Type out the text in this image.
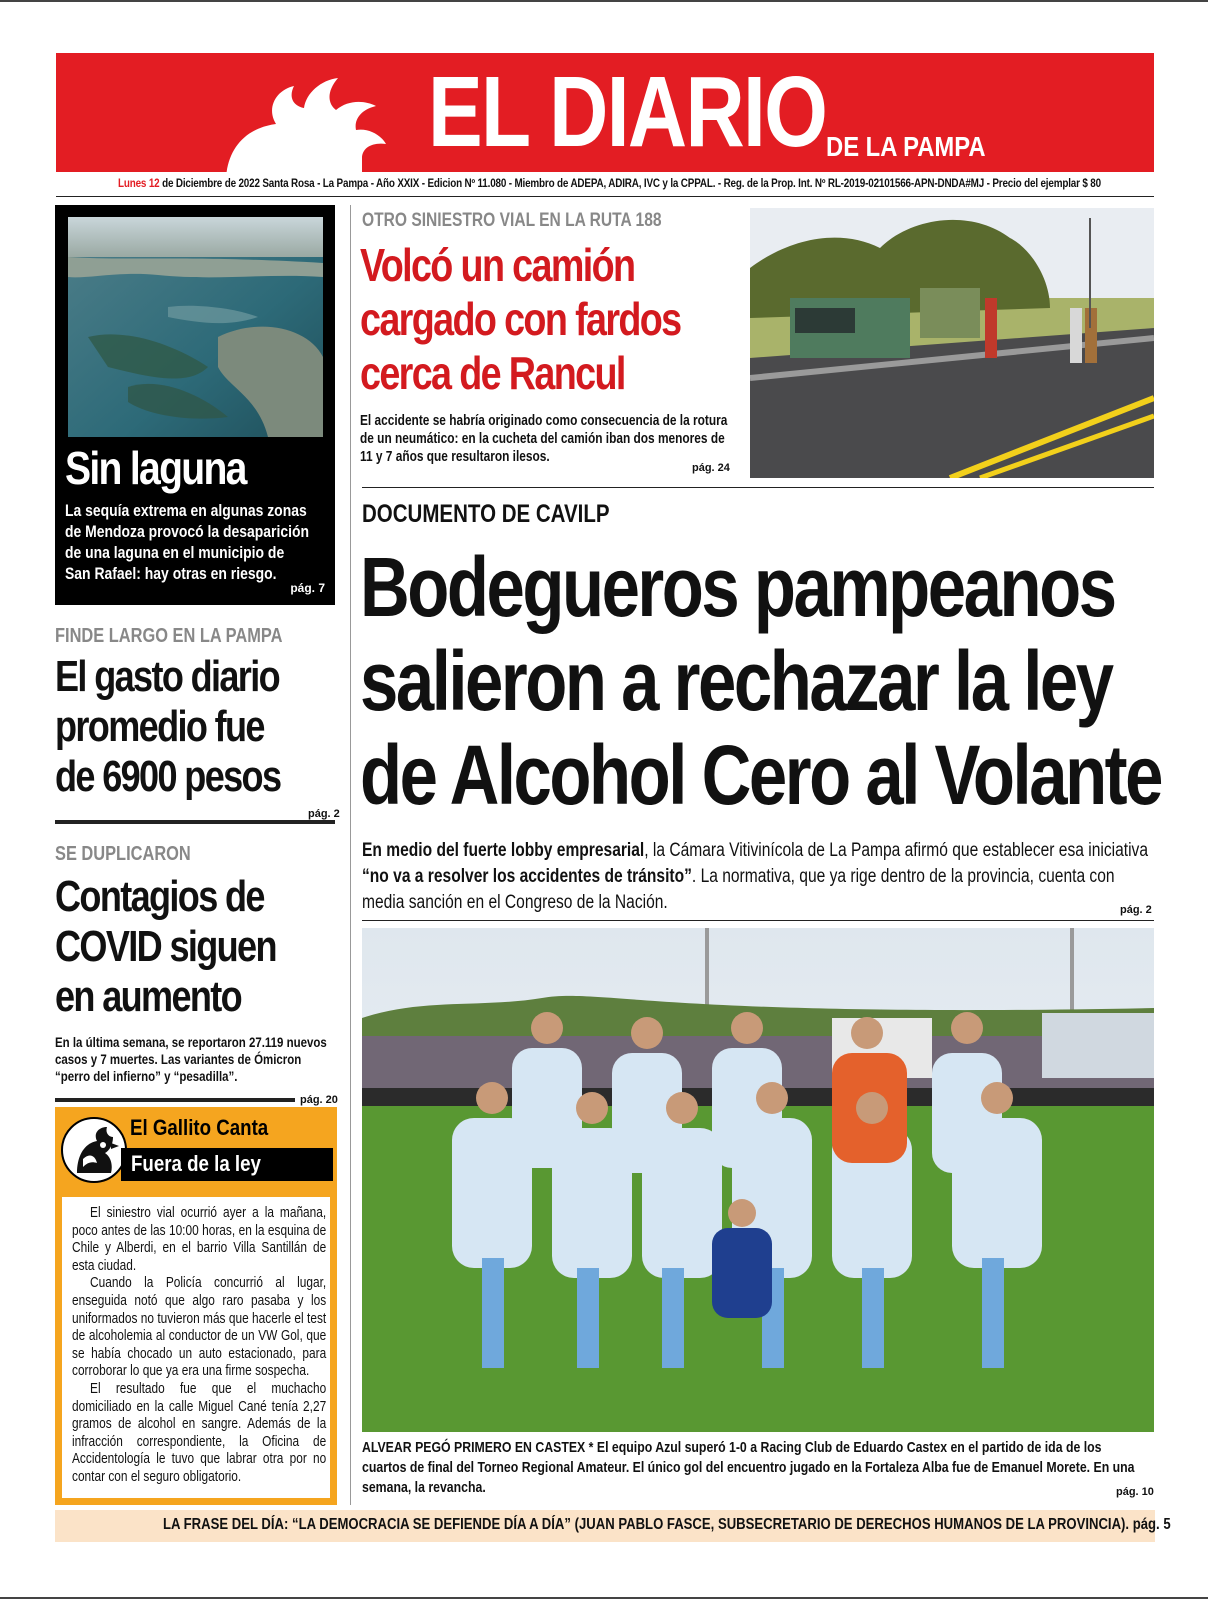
EL DIARIO DE LA PAMPA
Lunes 12 de Diciembre de 2022 Santa Rosa - La Pampa - Año XXIX - Edicion Nº 11.080 - Miembro de ADEPA, ADIRA, IVC y la CPPAL. - Reg. de la Prop. Int. Nº RL-2019-02101566-APN-DNDA#MJ - Precio del ejemplar $ 80
Sin laguna
La sequía extrema en algunas zonas de Mendoza provocó la desaparición de una laguna en el municipio de San Rafael: hay otras en riesgo.
pág. 7
FINDE LARGO EN LA PAMPA
El gasto diario
promedio fue
de 6900 pesos
pág. 2
SE DUPLICARON
Contagios de
COVID siguen
en aumento
En la última semana, se reportaron 27.119 nuevos casos y 7 muertes. Las variantes de Ómicron “perro del infierno” y “pesadilla”.
pág. 20
El Gallito Canta
Fuera de la ley

El siniestro vial ocurrió ayer a la mañana, poco antes de las 10:00 horas, en la esquina de Chile y Alberdi, en el barrio Villa Santillán de esta ciudad.

Cuando la Policía concurrió al lugar, enseguida notó que algo raro pasaba y los uniformados no tuvieron más que hacerle el test de alcoholemia al conductor de un VW Gol, que se había chocado un auto estacionado, para corroborar lo que ya era una firme sospecha.

El resultado fue que el muchacho domiciliado en la calle Miguel Cané tenía 2,27 gramos de alcohol en sangre. Además de la infracción correspondiente, la Oficina de Accidentología le tuvo que labrar otra por no contar con el seguro obligatorio.

OTRO SINIESTRO VIAL EN LA RUTA 188
Volcó un camión
cargado con fardos
cerca de Rancul
El accidente se habría originado como consecuencia de la rotura de un neumático: en la cucheta del camión iban dos menores de 11 y 7 años que resultaron ilesos.
pág. 24
DOCUMENTO DE CAVILP
Bodegueros pampeanos
salieron a rechazar la ley
de Alcohol Cero al Volante
En medio del fuerte lobby empresarial, la Cámara Vitivinícola de La Pampa afirmó que establecer esa iniciativa “no va a resolver los accidentes de tránsito”. La normativa, que ya rige dentro de la provincia, cuenta con media sanción en el Congreso de la Nación.	pág. 2
ALVEAR PEGÓ PRIMERO EN CASTEX * El equipo Azul superó 1-0 a Racing Club de Eduardo Castex en el partido de ida de los cuartos de final del Torneo Regional Amateur. El único gol del encuentro jugado en la Fortaleza Alba fue de Emanuel Morete. En una semana, la revancha.	pág. 10
LA FRASE DEL DÍA: “LA DEMOCRACIA SE DEFIENDE DÍA A DÍA” (JUAN PABLO FASCE, SUBSECRETARIO DE DERECHOS HUMANOS DE LA PROVINCIA). pág. 5
